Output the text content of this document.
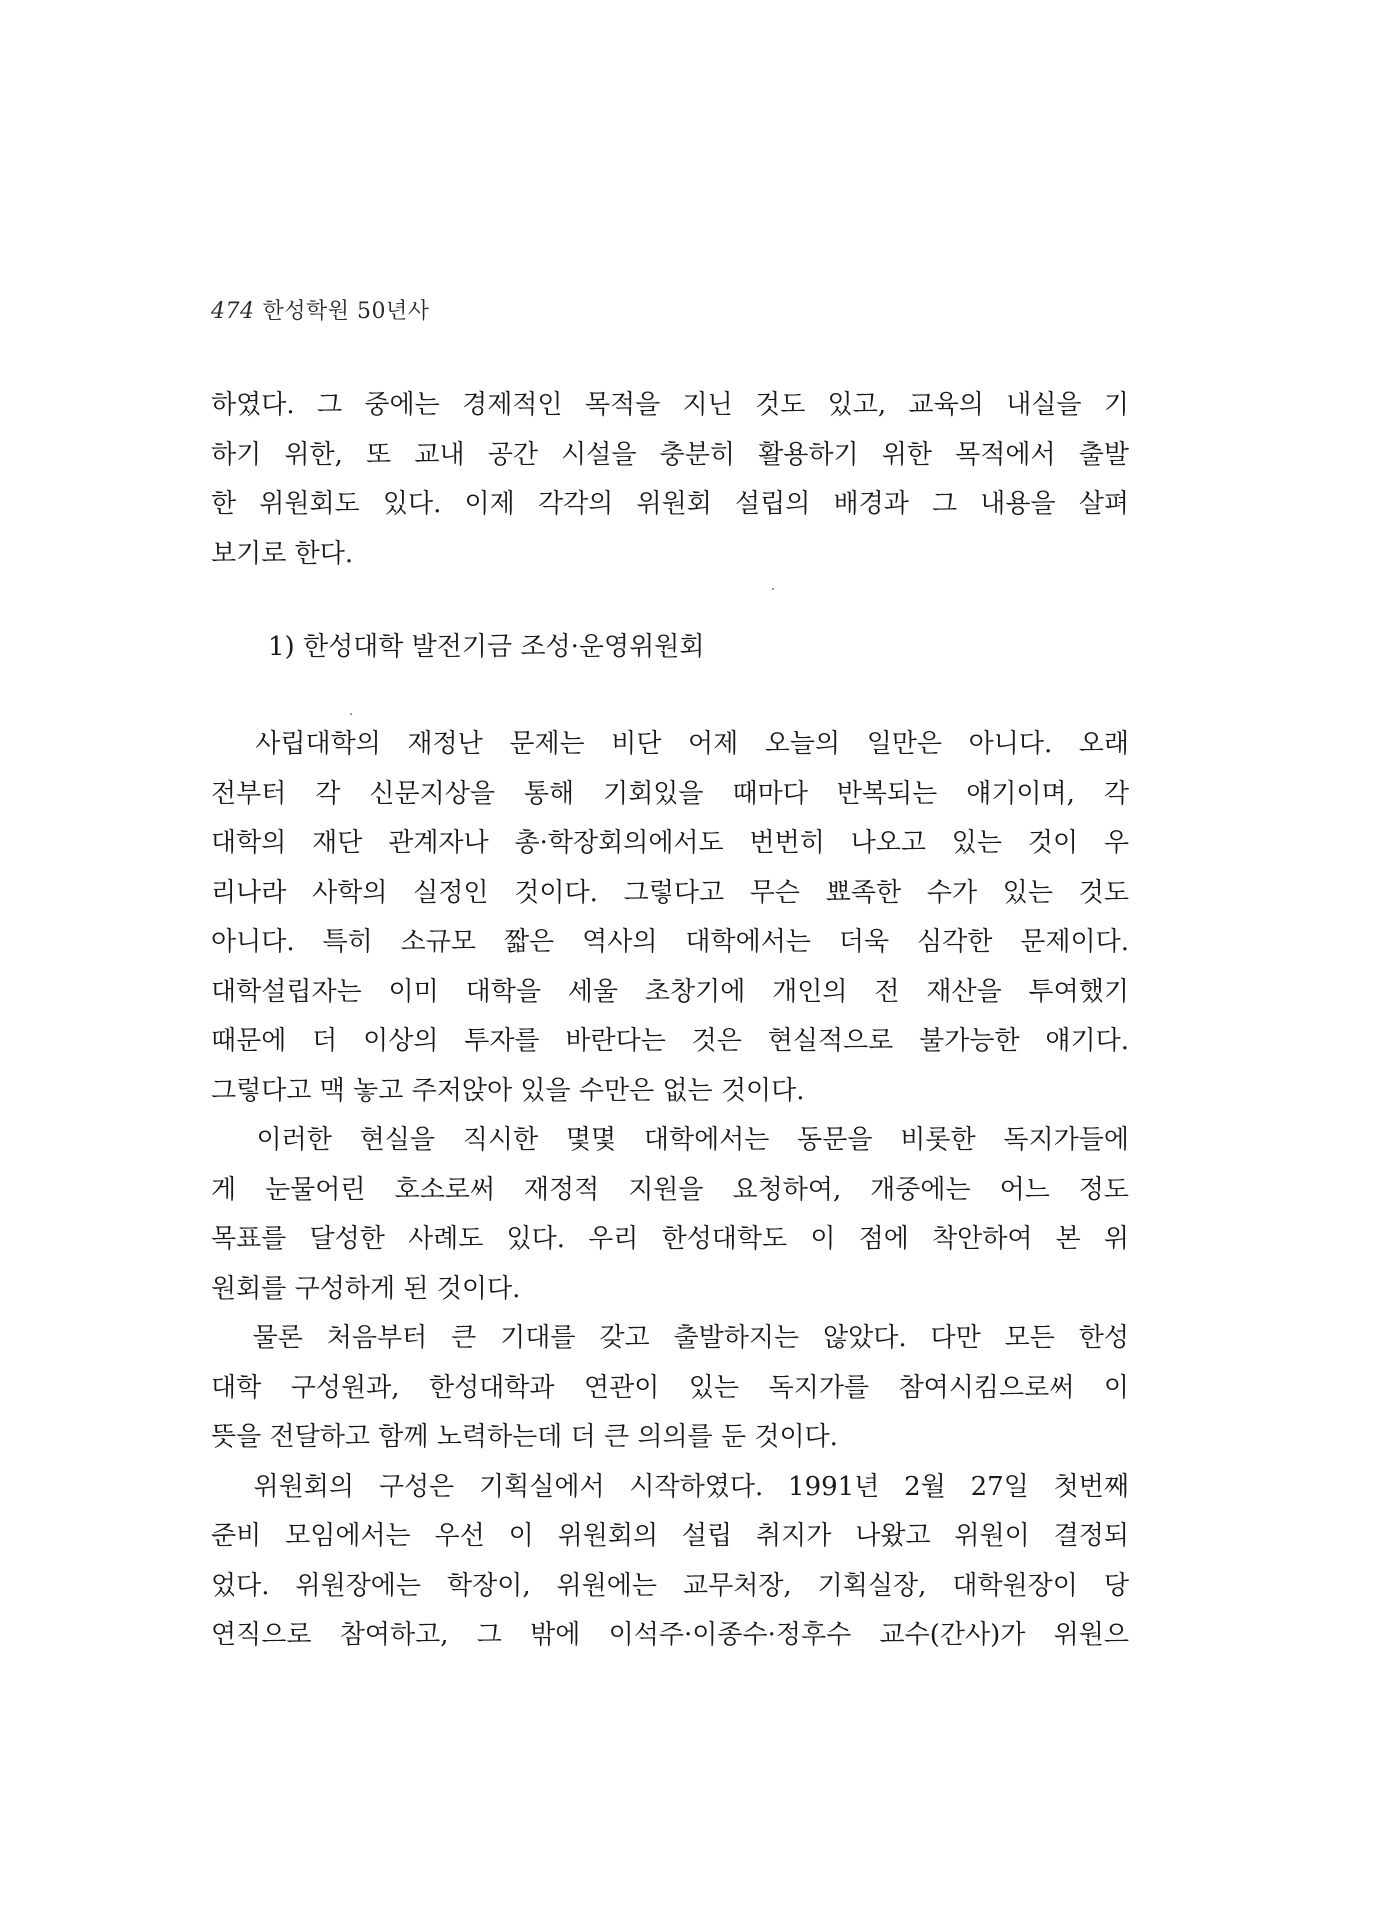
474 한성학원 50년사
하였다. 그 중에는 경제적인 목적을 지닌 것도 있고, 교육의 내실을 기
하기 위한, 또 교내 공간 시설을 충분히 활용하기 위한 목적에서 출발
한 위원회도 있다. 이제 각각의 위원회 설립의 배경과 그 내용을 살펴
보기로 한다.
1) 한성대학 발전기금 조성·운영위원회
　사립대학의 재정난 문제는 비단 어제 오늘의 일만은 아니다. 오래
전부터 각 신문지상을 통해 기회있을 때마다 반복되는 얘기이며, 각
대학의 재단 관계자나 총·학장회의에서도 번번히 나오고 있는 것이 우
리나라 사학의 실정인 것이다. 그렇다고 무슨 뾰족한 수가 있는 것도
아니다. 특히 소규모 짧은 역사의 대학에서는 더욱 심각한 문제이다.
대학설립자는 이미 대학을 세울 초창기에 개인의 전 재산을 투여했기
때문에 더 이상의 투자를 바란다는 것은 현실적으로 불가능한 얘기다.
그렇다고 맥 놓고 주저앉아 있을 수만은 없는 것이다.
　이러한 현실을 직시한 몇몇 대학에서는 동문을 비롯한 독지가들에
게 눈물어린 호소로써 재정적 지원을 요청하여, 개중에는 어느 정도
목표를 달성한 사례도 있다. 우리 한성대학도 이 점에 착안하여 본 위
원회를 구성하게 된 것이다.
　물론 처음부터 큰 기대를 갖고 출발하지는 않았다. 다만 모든 한성
대학 구성원과, 한성대학과 연관이 있는 독지가를 참여시킴으로써 이
뜻을 전달하고 함께 노력하는데 더 큰 의의를 둔 것이다.
　위원회의 구성은 기획실에서 시작하였다. 1991년 2월 27일 첫번째
준비 모임에서는 우선 이 위원회의 설립 취지가 나왔고 위원이 결정되
었다. 위원장에는 학장이, 위원에는 교무처장, 기획실장, 대학원장이 당
연직으로 참여하고, 그 밖에 이석주·이종수·정후수 교수(간사)가 위원으
